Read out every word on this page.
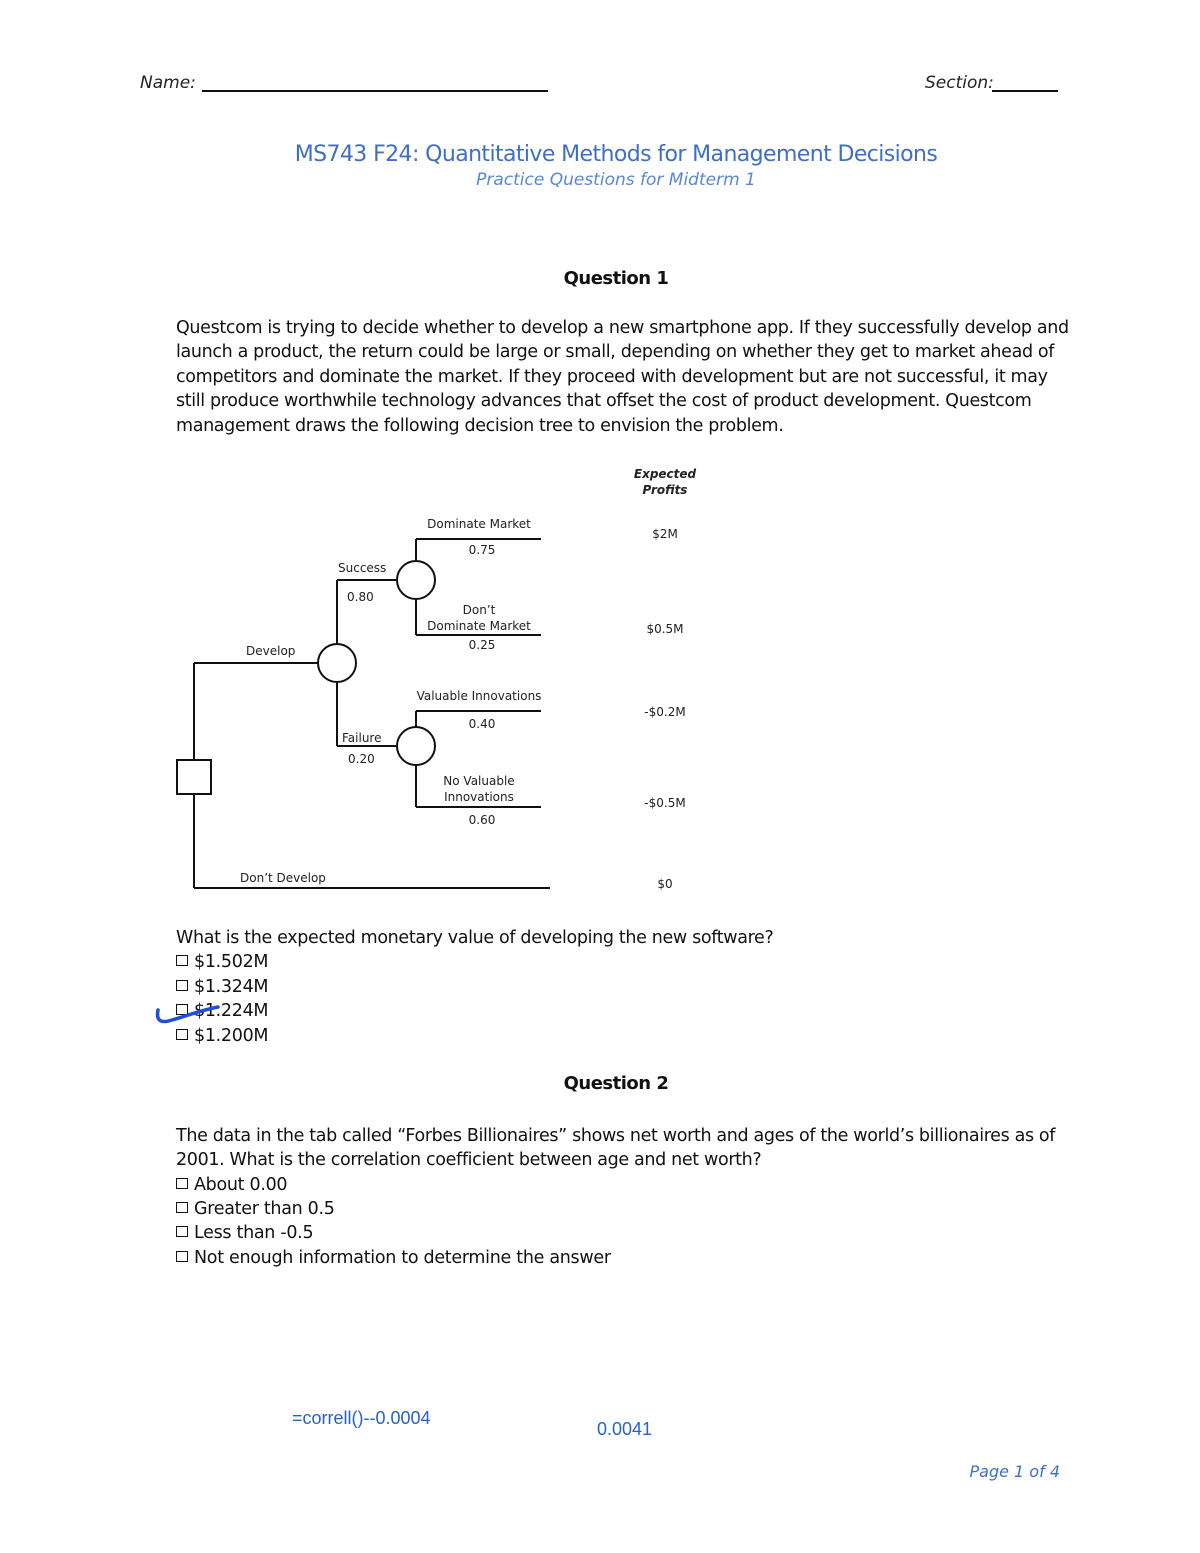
Name:	Section:
MS743 F24: Quantitative Methods for Management Decisions
Practice Questions for Midterm 1
Question 1
Questcom is trying to decide whether to develop a new smartphone app. If they successfully develop and launch a product, the return could be large or small, depending on whether they get to market ahead of competitors and dominate the market. If they proceed with development but are not successful, it may still produce worthwhile technology advances that offset the cost of product development. Questcom management draws the following decision tree to envision the problem.
Expected
Profits
Develop
Don’t Develop
Success
0.80
Failure
0.20
Dominate Market
0.75
Don’t
Dominate Market
0.25
Valuable Innovations
0.40
No Valuable
Innovations
0.60
$2M
$0.5M
-$0.2M
-$0.5M
$0
What is the expected monetary value of developing the new software?
$1.502M
$1.324M
$1.224M
$1.200M
Question 2
The data in the tab called “Forbes Billionaires” shows net worth and ages of the world’s billionaires as of 2001. What is the correlation coefficient between age and net worth?
About 0.00
Greater than 0.5
Less than -0.5
Not enough information to determine the answer
=correll()--0.0004
0.0041
Page 1 of 4
